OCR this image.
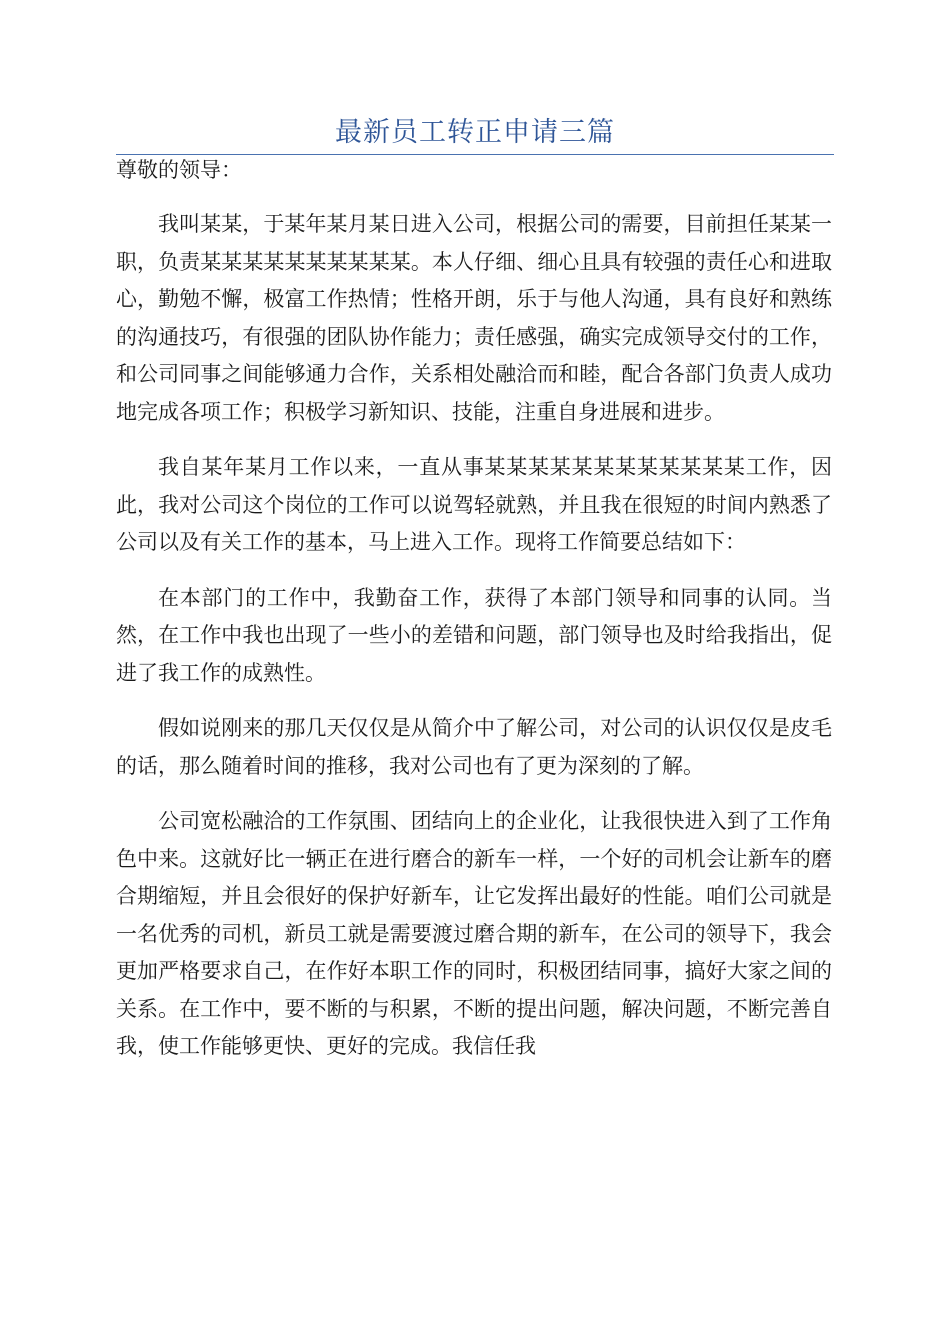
最新员工转正申请三篇
尊敬的领导：

我叫某某，于某年某月某日进入公司，根据公司的需要，目前担任某某一职，负责某某某某某某某某某某。本人仔细、细心且具有较强的责任心和进取心，勤勉不懈，极富工作热情；性格开朗，乐于与他人沟通，具有良好和熟练的沟通技巧，有很强的团队协作能力；责任感强，确实完成领导交付的工作，和公司同事之间能够通力合作，关系相处融洽而和睦，配合各部门负责人成功地完成各项工作；积极学习新知识、技能，注重自身进展和进步。

我自某年某月工作以来，一直从事某某某某某某某某某某某某工作，因此，我对公司这个岗位的工作可以说驾轻就熟，并且我在很短的时间内熟悉了公司以及有关工作的基本，马上进入工作。现将工作简要总结如下：

在本部门的工作中，我勤奋工作，获得了本部门领导和同事的认同。当然，在工作中我也出现了一些小的差错和问题，部门领导也及时给我指出，促进了我工作的成熟性。

假如说刚来的那几天仅仅是从简介中了解公司，对公司的认识仅仅是皮毛的话，那么随着时间的推移，我对公司也有了更为深刻的了解。

公司宽松融洽的工作氛围、团结向上的企业化，让我很快进入到了工作角色中来。这就好比一辆正在进行磨合的新车一样，一个好的司机会让新车的磨合期缩短，并且会很好的保护好新车，让它发挥出最好的性能。咱们公司就是一名优秀的司机，新员工就是需要渡过磨合期的新车，在公司的领导下，我会更加严格要求自己，在作好本职工作的同时，积极团结同事，搞好大家之间的关系。在工作中，要不断的与积累，不断的提出问题，解决问题，不断完善自我，使工作能够更快、更好的完成。我信任我
